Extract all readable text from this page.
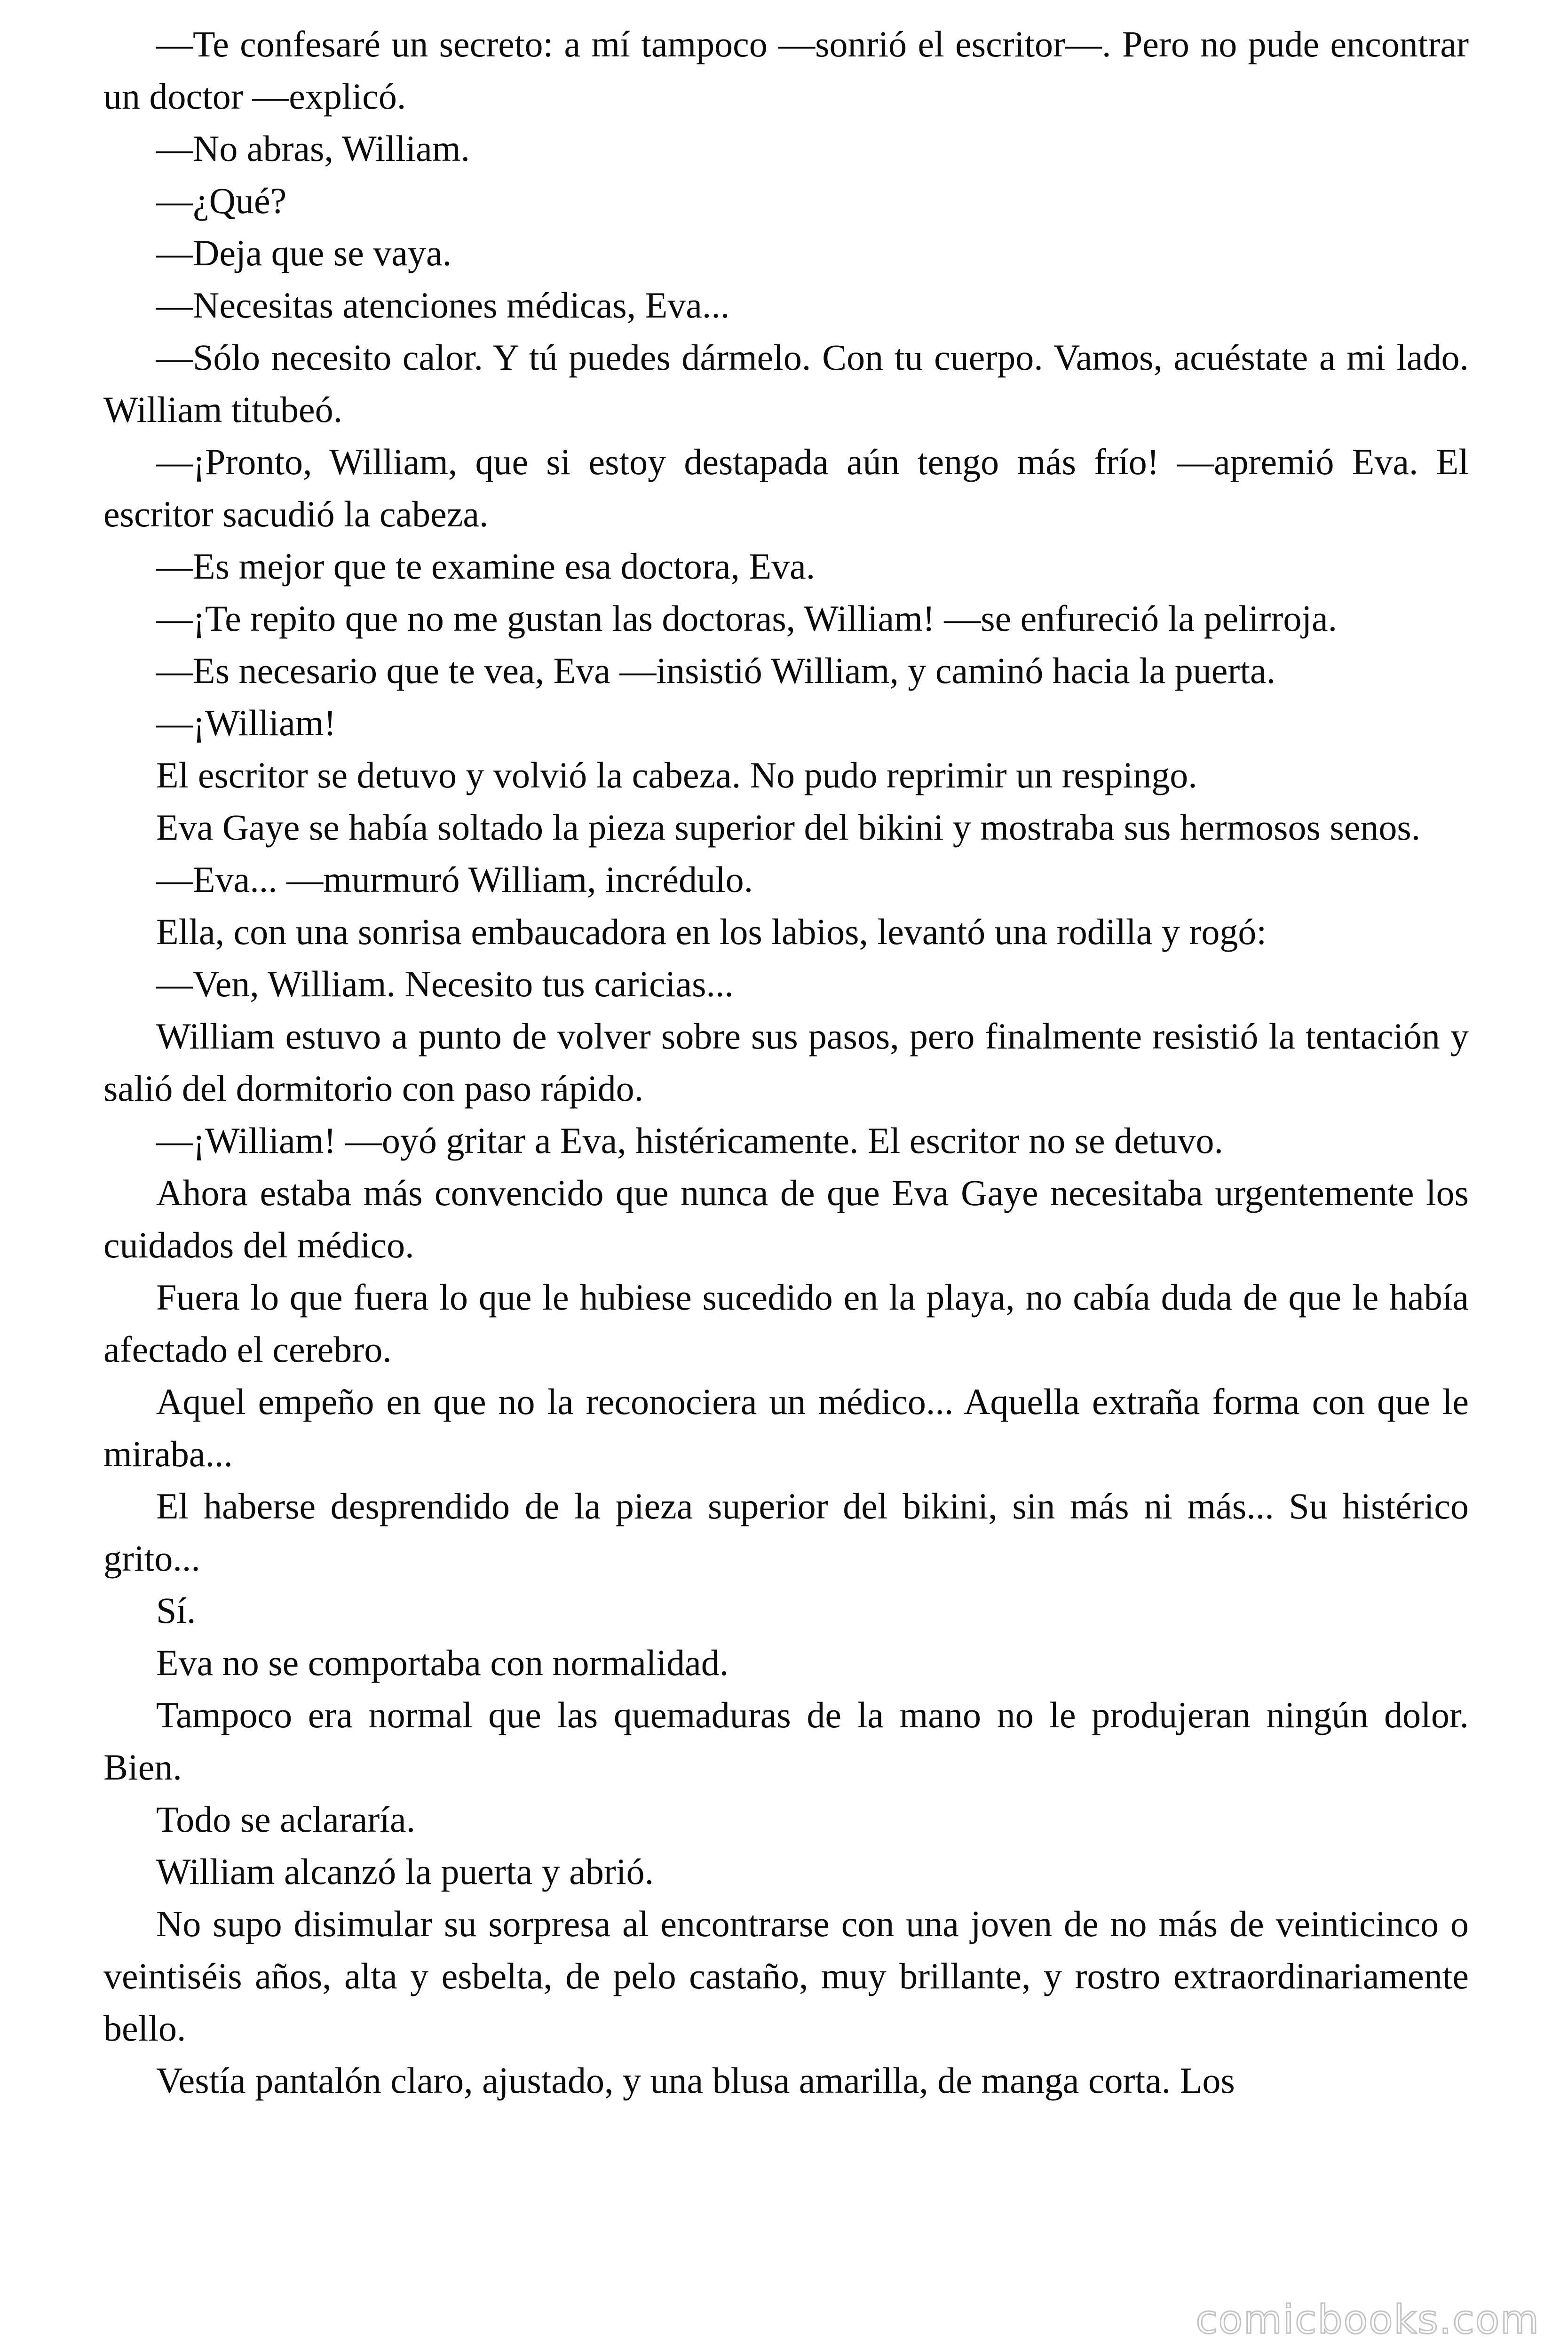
—Te confesaré un secreto: a mí tampoco —sonrió el escritor—. Pero no pude encontrar un doctor —explicó.

—No abras, William.

—¿Qué?

—Deja que se vaya.

—Necesitas atenciones médicas, Eva...

—Sólo necesito calor. Y tú puedes dármelo. Con tu cuerpo. Vamos, acuéstate a mi lado. William titubeó.

—¡Pronto, William, que si estoy destapada aún tengo más frío! —apremió Eva. El escritor sacudió la cabeza.

—Es mejor que te examine esa doctora, Eva.

—¡Te repito que no me gustan las doctoras, William! —se enfureció la pelirroja.

—Es necesario que te vea, Eva —insistió William, y caminó hacia la puerta.

—¡William!

El escritor se detuvo y volvió la cabeza. No pudo reprimir un respingo.

Eva Gaye se había soltado la pieza superior del bikini y mostraba sus hermosos senos.

—Eva... —murmuró William, incrédulo.

Ella, con una sonrisa embaucadora en los labios, levantó una rodilla y rogó:

—Ven, William. Necesito tus caricias...

William estuvo a punto de volver sobre sus pasos, pero finalmente resistió la tentación y salió del dormitorio con paso rápido.

—¡William! —oyó gritar a Eva, histéricamente. El escritor no se detuvo.

Ahora estaba más convencido que nunca de que Eva Gaye necesitaba urgentemente los cuidados del médico.

Fuera lo que fuera lo que le hubiese sucedido en la playa, no cabía duda de que le había afectado el cerebro.

Aquel empeño en que no la reconociera un médico... Aquella extraña forma con que le miraba...

El haberse desprendido de la pieza superior del bikini, sin más ni más... Su histérico grito...

Sí.

Eva no se comportaba con normalidad.

Tampoco era normal que las quemaduras de la mano no le produjeran ningún dolor. Bien.

Todo se aclararía.

William alcanzó la puerta y abrió.

No supo disimular su sorpresa al encontrarse con una joven de no más de veinticinco o veintiséis años, alta y esbelta, de pelo castaño, muy brillante, y rostro extraordinariamente bello.

Vestía pantalón claro, ajustado, y una blusa amarilla, de manga corta. Los

comicbooks.com
